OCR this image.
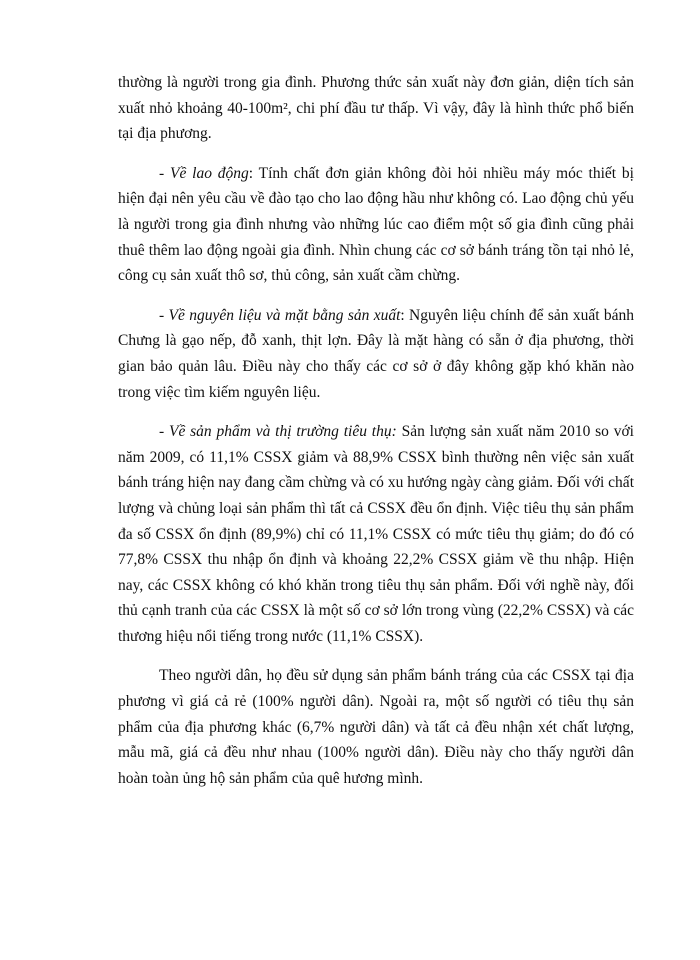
thường là người trong gia đình. Phương thức sản xuất này đơn giản, diện tích sản xuất nhỏ khoảng 40-100m², chi phí đầu tư thấp. Vì vậy, đây là hình thức phổ biến tại địa phương.

- Về lao động: Tính chất đơn giản không đòi hỏi nhiều máy móc thiết bị hiện đại nên yêu cầu về đào tạo cho lao động hầu như không có. Lao động chủ yếu là người trong gia đình nhưng vào những lúc cao điểm một số gia đình cũng phải thuê thêm lao động ngoài gia đình. Nhìn chung các cơ sở bánh tráng tồn tại nhỏ lẻ, công cụ sản xuất thô sơ, thủ công, sản xuất cầm chừng.

- Về nguyên liệu và mặt bằng sản xuất: Nguyên liệu chính để sản xuất bánh Chưng là gạo nếp, đỗ xanh, thịt lợn. Đây là mặt hàng có sẵn ở địa phương, thời gian bảo quản lâu. Điều này cho thấy các cơ sở ở đây không gặp khó khăn nào trong việc tìm kiếm nguyên liệu.

- Về sản phẩm và thị trường tiêu thụ: Sản lượng sản xuất năm 2010 so với năm 2009, có 11,1% CSSX giảm và 88,9% CSSX bình thường nên việc sản xuất bánh tráng hiện nay đang cầm chừng và có xu hướng ngày càng giảm. Đối với chất lượng và chủng loại sản phẩm thì tất cả CSSX đều ổn định. Việc tiêu thụ sản phẩm đa số CSSX ổn định (89,9%) chỉ có 11,1% CSSX có mức tiêu thụ giảm; do đó có 77,8% CSSX thu nhập ổn định và khoảng 22,2% CSSX giảm về thu nhập. Hiện nay, các CSSX không có khó khăn trong tiêu thụ sản phẩm. Đối với nghề này, đối thủ cạnh tranh của các CSSX là một số cơ sở lớn trong vùng (22,2% CSSX) và các thương hiệu nổi tiếng trong nước (11,1% CSSX).

Theo người dân, họ đều sử dụng sản phẩm bánh tráng của các CSSX tại địa phương vì giá cả rẻ (100% người dân). Ngoài ra, một số người có tiêu thụ sản phẩm của địa phương khác (6,7% người dân) và tất cả đều nhận xét chất lượng, mẫu mã, giá cả đều như nhau (100% người dân). Điều này cho thấy người dân hoàn toàn ủng hộ sản phẩm của quê hương mình.
